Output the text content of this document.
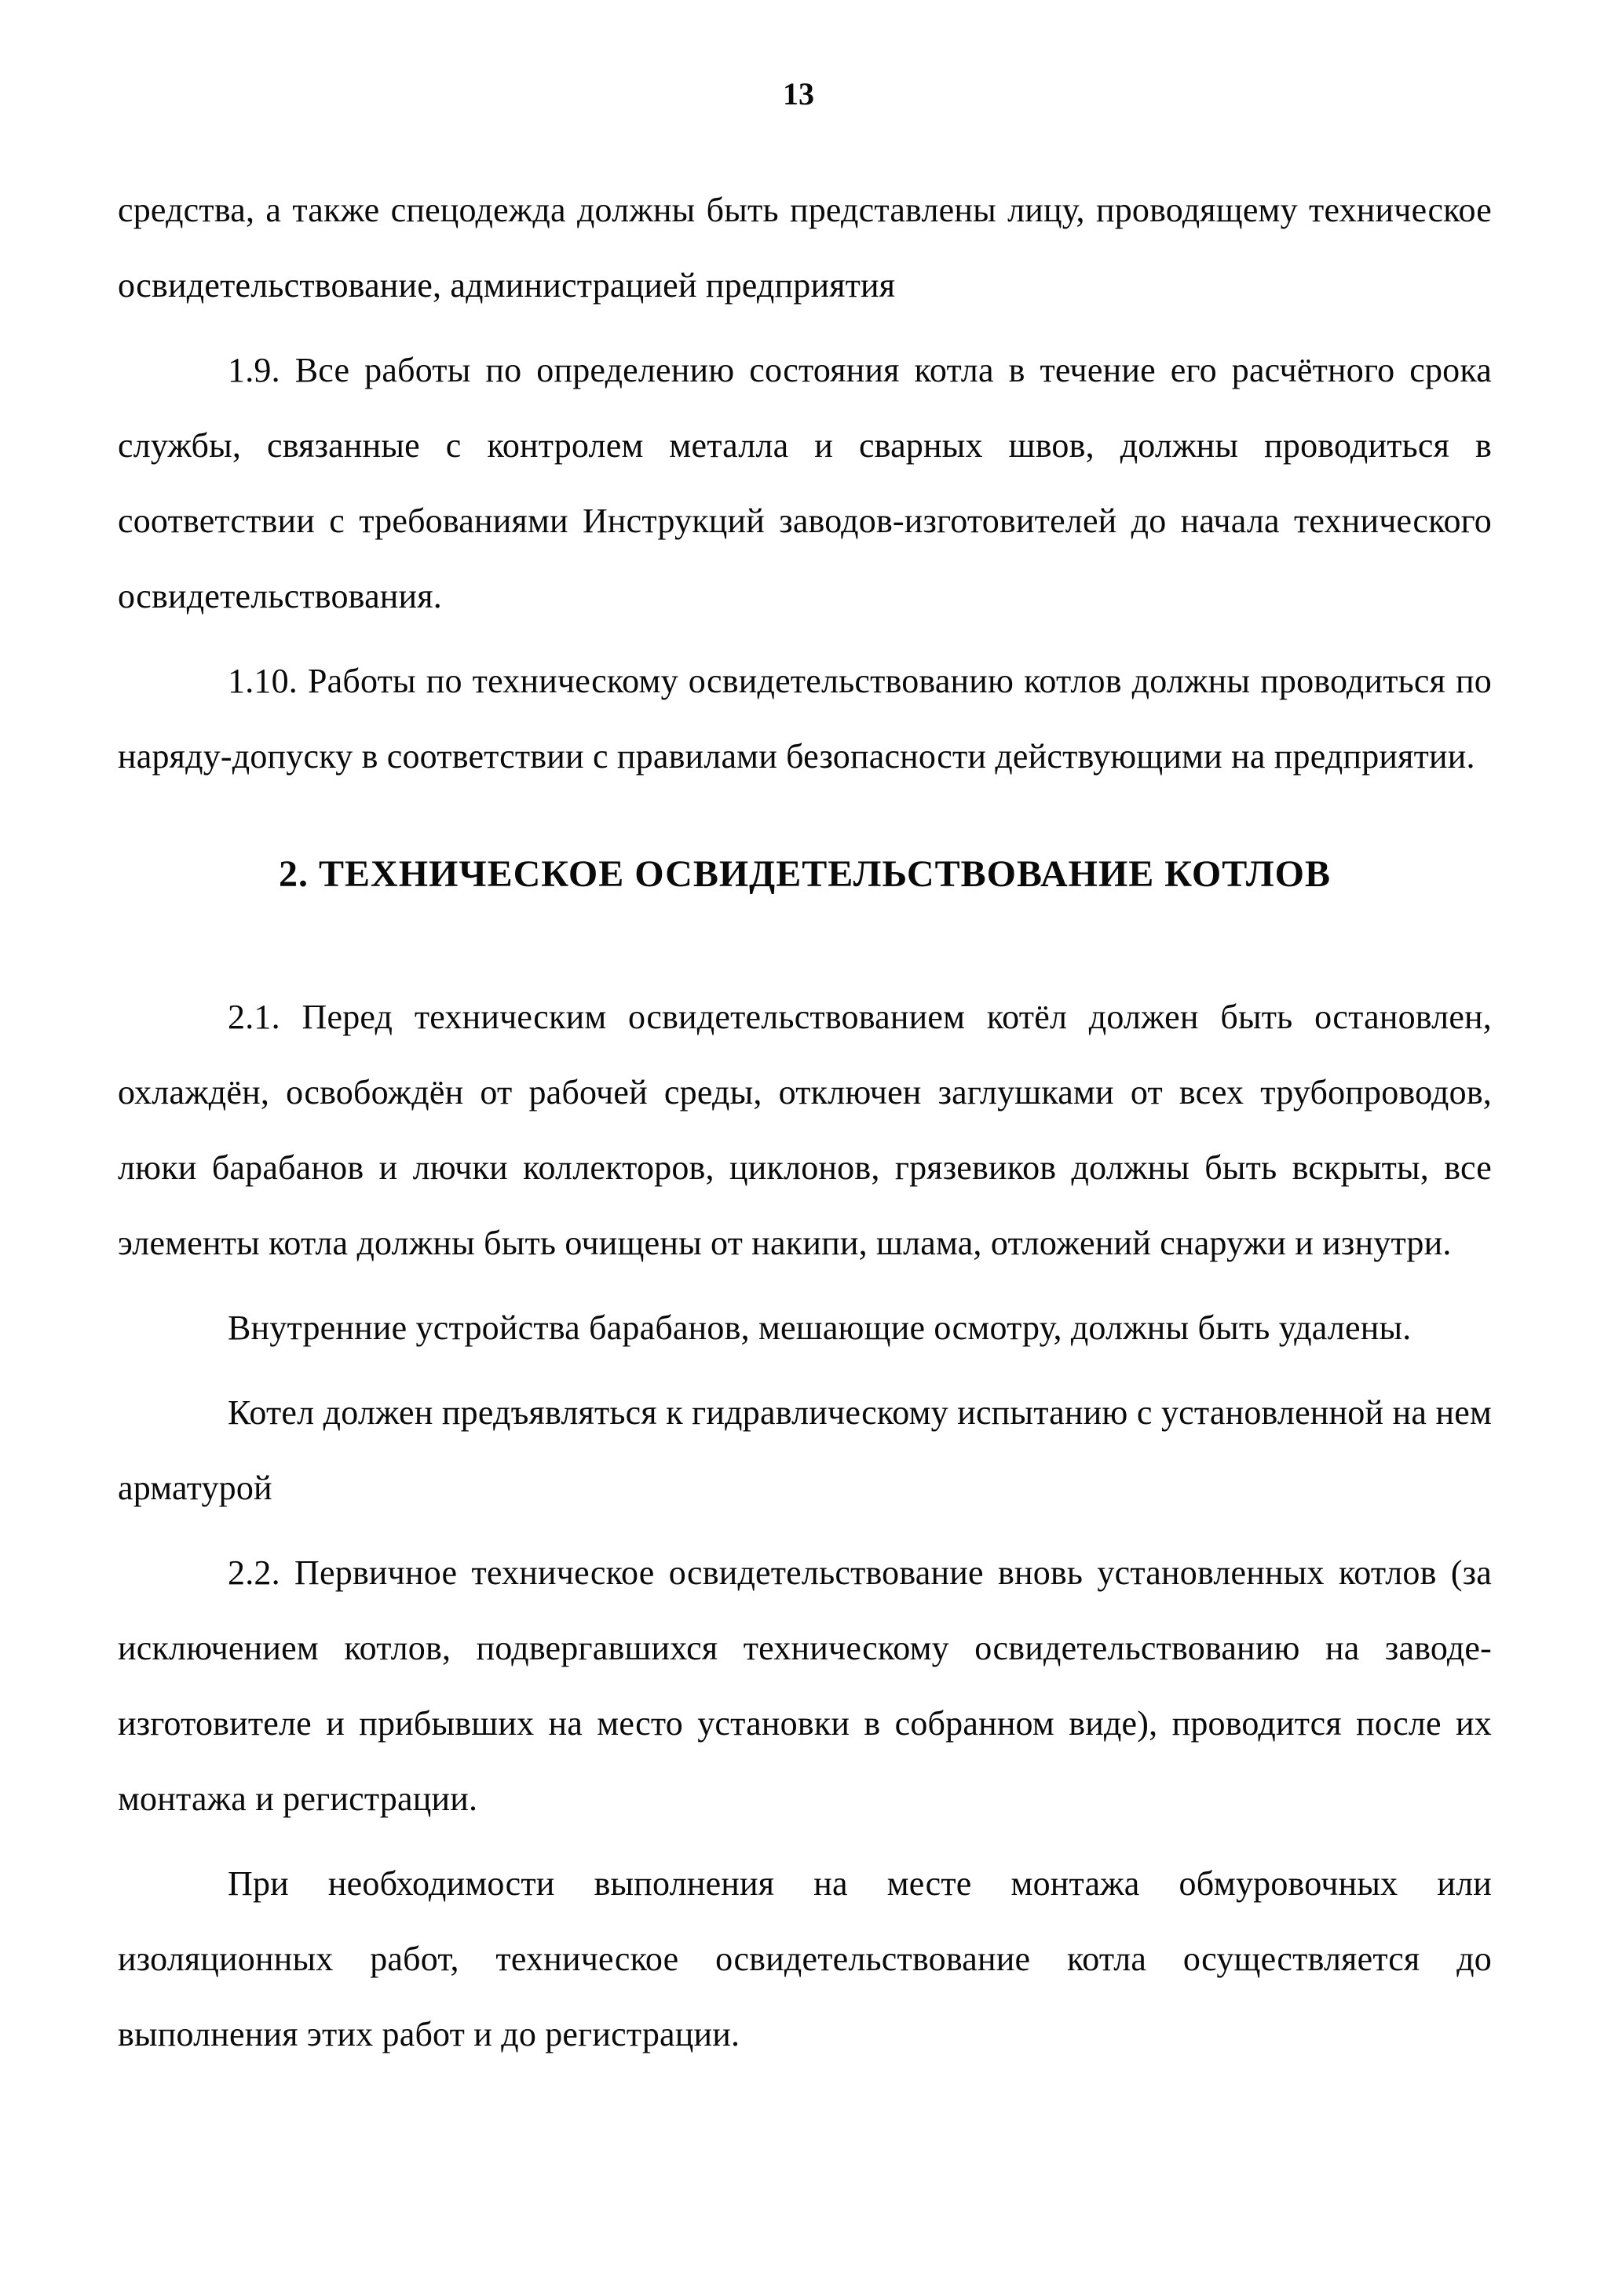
13

средства, а также спецодежда должны быть представлены лицу, проводящему техническое освидетельствование, администрацией предприятия

1.9. Все работы по определению состояния котла в течение его расчётного срока службы, связанные с контролем металла и сварных швов, должны проводиться в соответствии с требованиями Инструкций заводов-изготовителей до начала технического освидетельствования.

1.10. Работы по техническому освидетельствованию котлов должны проводиться по наряду-допуску в соответствии с правилами безопасности действующими на предприятии.

2. ТЕХНИЧЕСКОЕ ОСВИДЕТЕЛЬСТВОВАНИЕ КОТЛОВ

2.1. Перед техническим освидетельствованием котёл должен быть остановлен, охлаждён, освобождён от рабочей среды, отключен заглушками от всех трубопроводов, люки барабанов и лючки коллекторов, циклонов, грязевиков должны быть вскрыты, все элементы котла должны быть очищены от накипи, шлама, отложений снаружи и изнутри.

Внутренние устройства барабанов, мешающие осмотру, должны быть удалены.

Котел должен предъявляться к гидравлическому испытанию с установленной на нем арматурой

2.2. Первичное техническое освидетельствование вновь установленных котлов (за исключением котлов, подвергавшихся техническому освидетельствованию на заводе-изготовителе и прибывших на место установки в собранном виде), проводится после их монтажа и регистрации.

При необходимости выполнения на месте монтажа обмуровочных или изоляционных работ, техническое освидетельствование котла осуществляется до выполнения этих работ и до регистрации.
